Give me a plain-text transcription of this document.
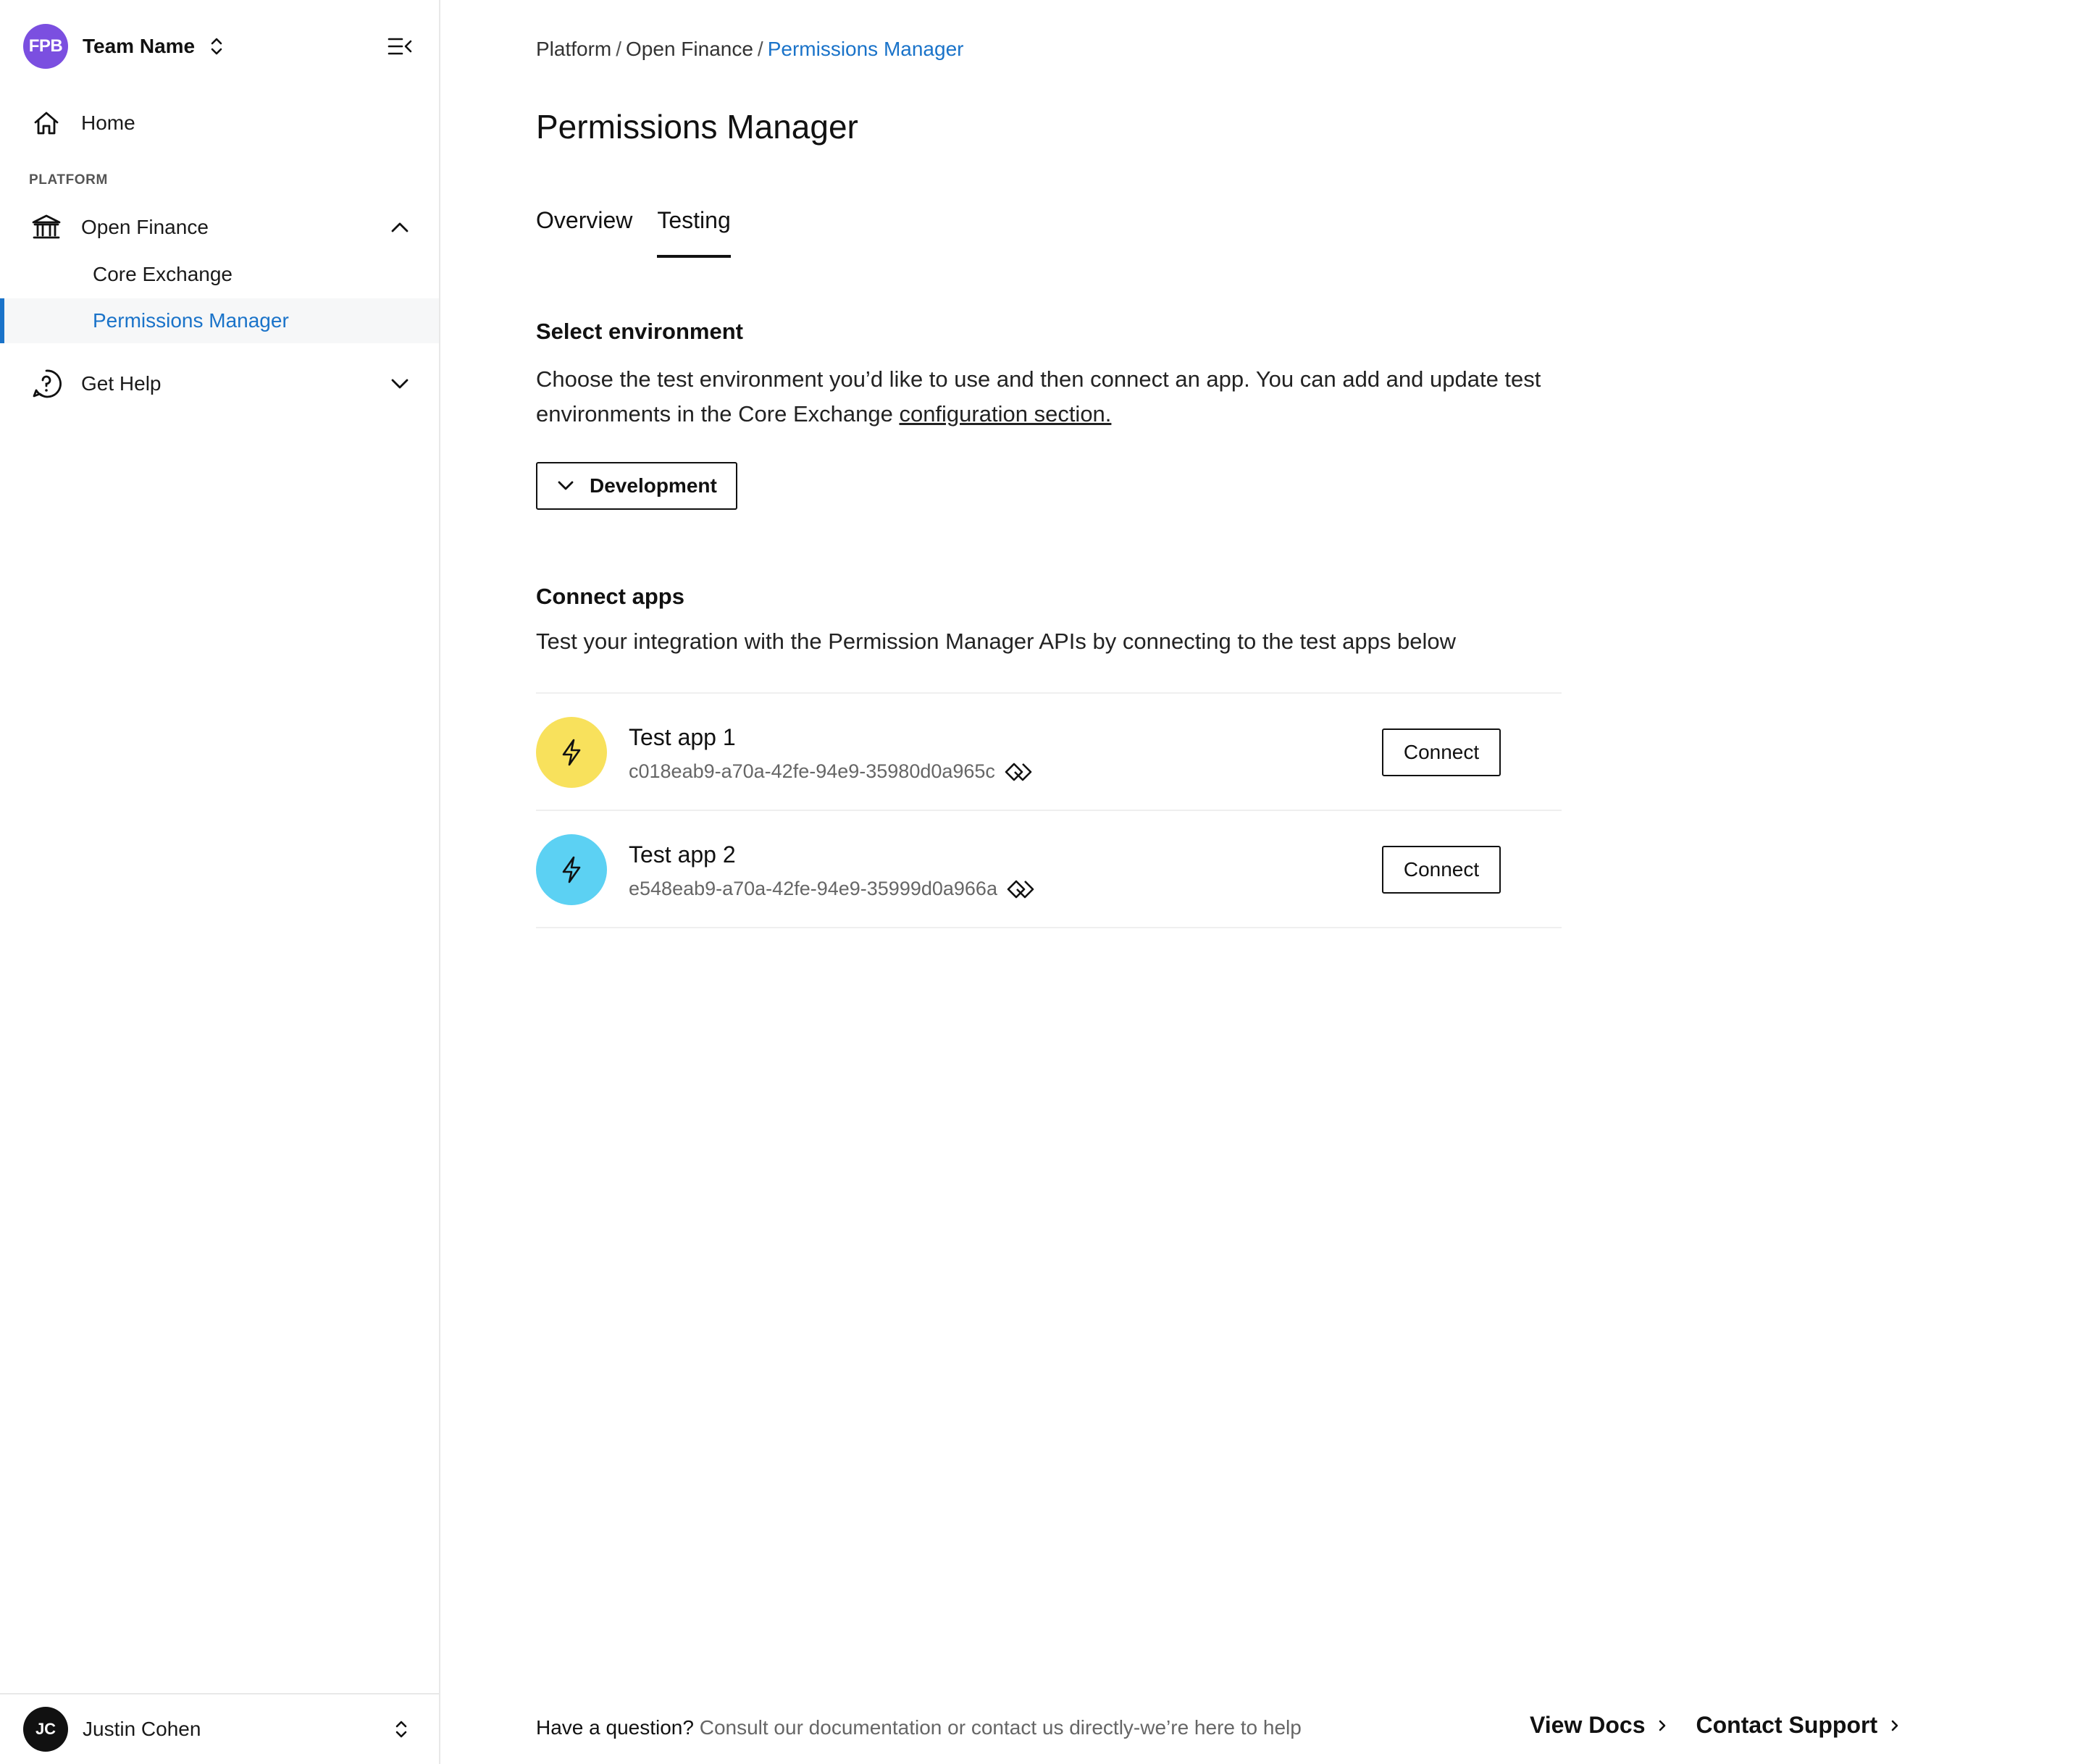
FPB Team Name
Home
PLATFORM
Open Finance
Core Exchange
Permissions Manager
Get Help
JC	Justin Cohen
Platform / Open Finance / Permissions Manager
Permissions Manager
Overview Testing
Select environment

Choose the test environment you’d like to use and then connect an app. You can add and update test environments in the Core Exchange configuration section.

Development
Connect apps

Test your integration with the Permission Manager APIs by connecting to the test apps below

Test app 1
c018eab9-a70a-42fe-94e9-35980d0a965c
Connect
Test app 2
e548eab9-a70a-42fe-94e9-35999d0a966a
Connect
Have a question? Consult our documentation or contact us directly-we’re here to help	View Docs Contact Support
